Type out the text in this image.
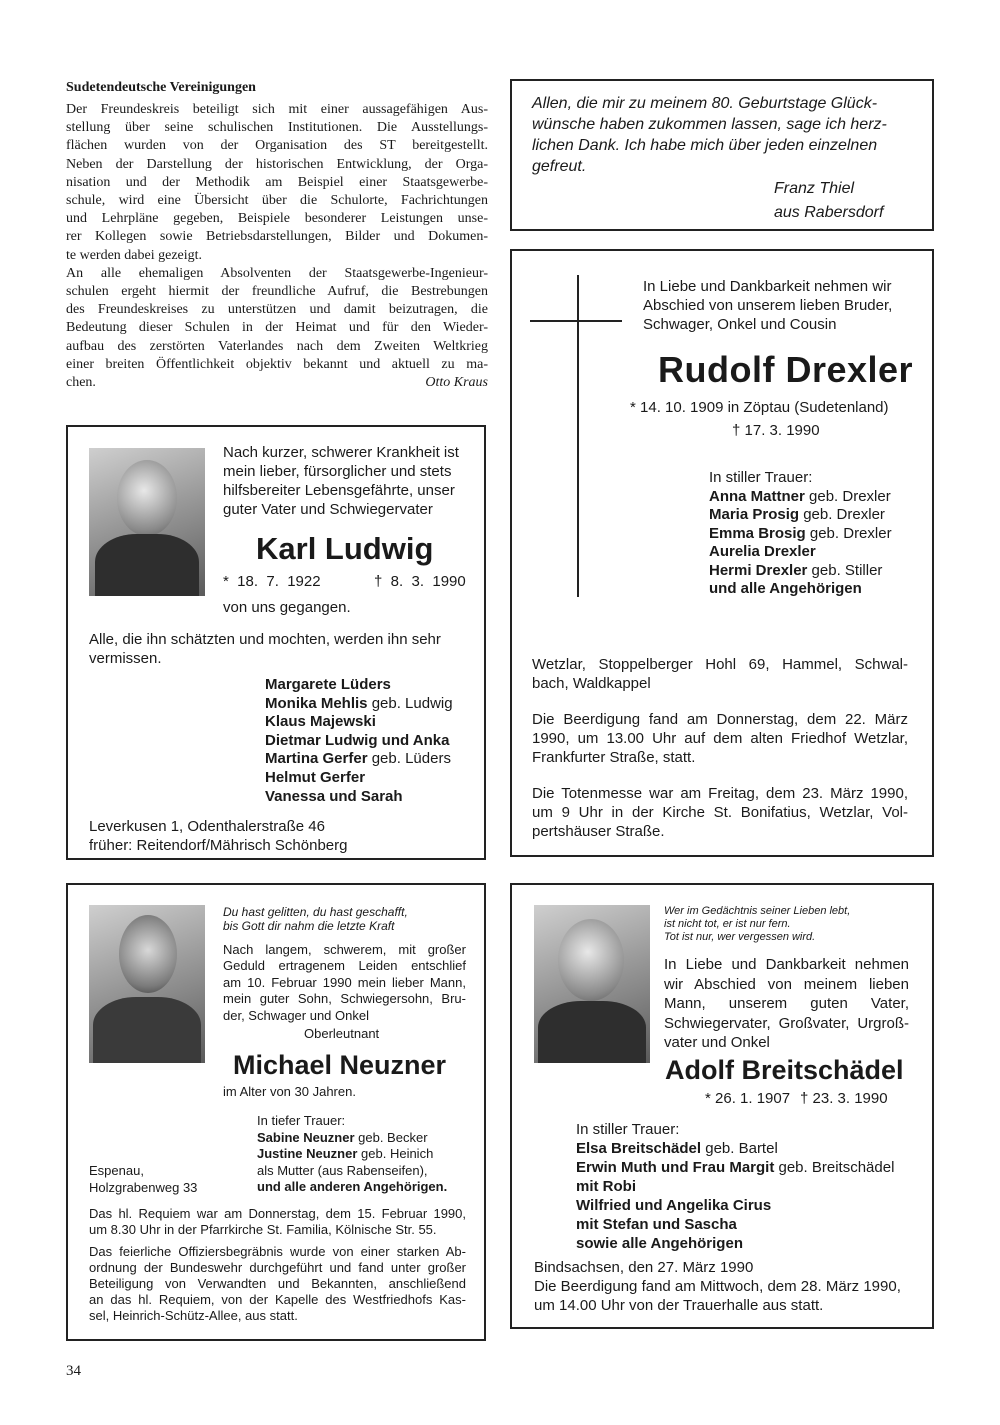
Sudetendeutsche Vereinigungen
Der Freundeskreis beteiligt sich mit einer aussagefähigen Aus-
stellung über seine schulischen Institutionen. Die Ausstellungs-
flächen wurden von der Organisation des ST bereitgestellt.
Neben der Darstellung der historischen Entwicklung, der Orga-
nisation und der Methodik am Beispiel einer Staatsgewerbe-
schule, wird eine Übersicht über die Schulorte, Fachrichtungen
und Lehrpläne gegeben, Beispiele besonderer Leistungen unse-
rer Kollegen sowie Betriebsdarstellungen, Bilder und Dokumen-
te werden dabei gezeigt.
An alle ehemaligen Absolventen der Staatsgewerbe-Ingenieur-
schulen ergeht hiermit der freundliche Aufruf, die Bestrebungen
des Freundeskreises zu unterstützen und damit beizutragen, die
Bedeutung dieser Schulen in der Heimat und für den Wieder-
aufbau des zerstörten Vaterlandes nach dem Zweiten Weltkrieg
einer breiten Öffentlichkeit objektiv bekannt und aktuell zu ma-
chen.	Otto Kraus
Allen, die mir zu meinem 80. Geburtstage Glück-
wünsche haben zukommen lassen, sage ich herz-
lichen Dank. Ich habe mich über jeden einzelnen
gefreut.
Franz Thiel
aus Rabersdorf
In Liebe und Dankbarkeit nehmen wir
Abschied von unserem lieben Bruder,
Schwager, Onkel und Cousin
Rudolf Drexler
* 14. 10. 1909 in Zöptau (Sudetenland)
† 17. 3. 1990
In stiller Trauer:
Anna Mattner geb. Drexler
Maria Prosig geb. Drexler
Emma Brosig geb. Drexler
Aurelia Drexler
Hermi Drexler geb. Stiller
und alle Angehörigen
Wetzlar, Stoppelberger Hohl 69, Hammel, Schwal-
bach, Waldkappel
Die Beerdigung fand am Donnerstag, dem 22. März
1990, um 13.00 Uhr auf dem alten Friedhof Wetzlar,
Frankfurter Straße, statt.
Die Totenmesse war am Freitag, dem 23. März 1990,
um 9 Uhr in der Kirche St. Bonifatius, Wetzlar, Vol-
pertshäuser Straße.
Nach kurzer, schwerer Krankheit ist
mein lieber, fürsorglicher und stets
hilfsbereiter Lebensgefährte, unser
guter Vater und Schwiegervater
Karl Ludwig
*  18.  7.  1922	†  8.  3.  1990
von uns gegangen.
Alle, die ihn schätzten und mochten, werden ihn sehr
vermissen.
Margarete Lüders
Monika Mehlis geb. Ludwig
Klaus Majewski
Dietmar Ludwig und Anka
Martina Gerfer geb. Lüders
Helmut Gerfer
Vanessa und Sarah
Leverkusen 1, Odenthalerstraße 46
früher: Reitendorf/Mährisch Schönberg
Du hast gelitten, du hast geschafft,
bis Gott dir nahm die letzte Kraft
Nach langem, schwerem, mit großer
Geduld ertragenem Leiden entschlief
am 10. Februar 1990 mein lieber Mann,
mein guter Sohn, Schwiegersohn, Bru-
der, Schwager und Onkel
Oberleutnant
Michael Neuzner
im Alter von 30 Jahren.
In tiefer Trauer:
Sabine Neuzner geb. Becker
Justine Neuzner geb. Heinich
als Mutter (aus Rabenseifen),
und alle anderen Angehörigen.
Espenau,
Holzgrabenweg 33
Das hl. Requiem war am Donnerstag, dem 15. Februar 1990,
um 8.30 Uhr in der Pfarrkirche St. Familia, Kölnische Str. 55.
Das feierliche Offiziersbegräbnis wurde von einer starken Ab-
ordnung der Bundeswehr durchgeführt und fand unter großer
Beteiligung von Verwandten und Bekannten, anschließend
an das hl. Requiem, von der Kapelle des Westfriedhofs Kas-
sel, Heinrich-Schütz-Allee, aus statt.
Wer im Gedächtnis seiner Lieben lebt,
ist nicht tot, er ist nur fern.
Tot ist nur, wer vergessen wird.
In Liebe und Dankbarkeit nehmen
wir Abschied von meinem lieben
Mann, unserem guten Vater,
Schwiegervater, Großvater, Urgroß-
vater und Onkel
Adolf Breitschädel
* 26. 1. 1907 † 23. 3. 1990
In stiller Trauer:
Elsa Breitschädel geb. Bartel
Erwin Muth und Frau Margit geb. Breitschädel
mit Robi
Wilfried und Angelika Cirus
mit Stefan und Sascha
sowie alle Angehörigen
Bindsachsen, den 27. März 1990
Die Beerdigung fand am Mittwoch, dem 28. März 1990,
um 14.00 Uhr von der Trauerhalle aus statt.
34
